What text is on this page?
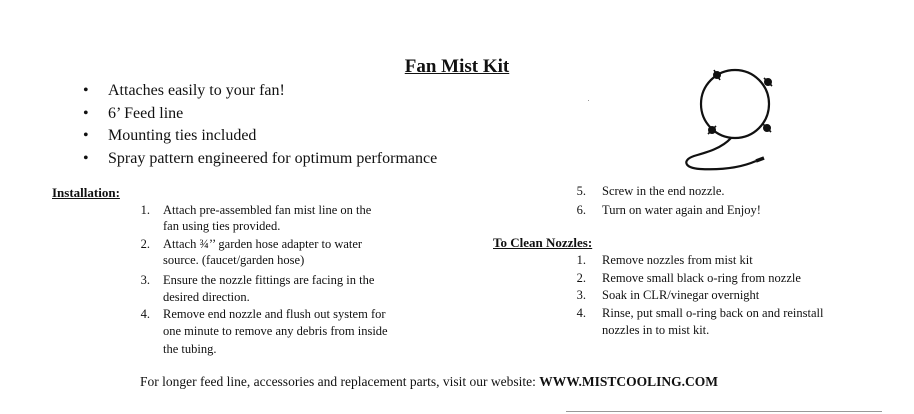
Fan Mist Kit
• Attaches easily to your fan!
• 6’ Feed line
• Mounting ties included
• Spray pattern engineered for optimum performance
Installation:
1. Attach pre-assembled fan mist line on the
fan using ties provided.
2. Attach ¾’’ garden hose adapter to water
source. (faucet/garden hose)
3. Ensure the nozzle fittings are facing in the
desired direction.
4. Remove end nozzle and flush out system for
one minute to remove any debris from inside
the tubing.
5. Screw in the end nozzle.
6. Turn on water again and Enjoy!
To Clean Nozzles:
1. Remove nozzles from mist kit
2. Remove small black o-ring from nozzle
3. Soak in CLR/vinegar overnight
4. Rinse, put small o-ring back on and reinstall
nozzles in to mist kit.
For longer feed line, accessories and replacement parts, visit our website: WWW.MISTCOOLING.COM
